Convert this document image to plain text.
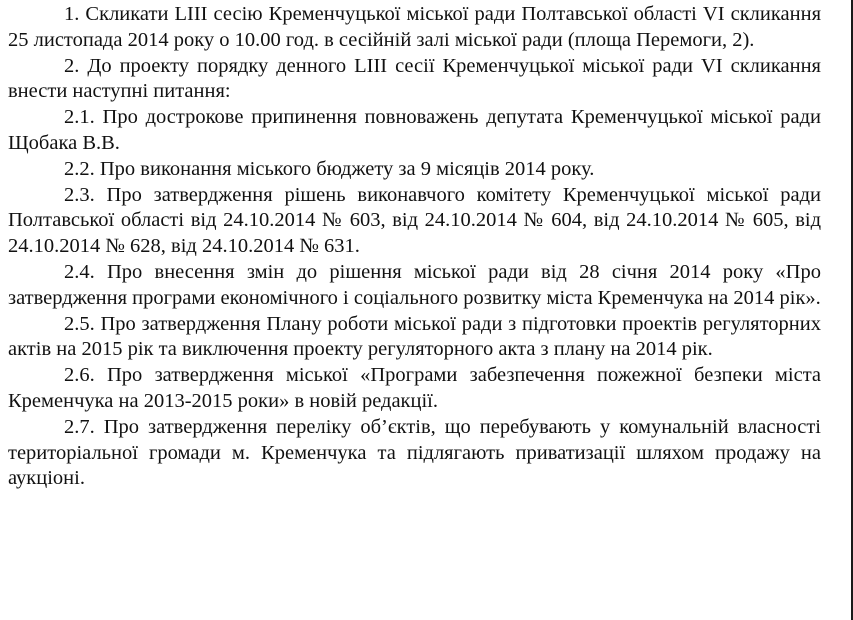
1. Скликати LIII сесію Кременчуцької міської ради Полтавської області VI скликання 25 листопада 2014 року о 10.00 год. в сесійній залі міської ради (площа Перемоги, 2).

2. До проекту порядку денного LIII сесії Кременчуцької міської ради VI скликання внести наступні питання:

2.1. Про дострокове припинення повноважень депутата Кременчуцької міської ради Щобака В.В.

2.2. Про виконання міського бюджету за 9 місяців 2014 року.

2.3. Про затвердження рішень виконавчого комітету Кременчуцької міської ради Полтавської області від 24.10.2014 № 603, від 24.10.2014 № 604, від 24.10.2014 № 605, від 24.10.2014 № 628, від 24.10.2014 № 631.

2.4. Про внесення змін до рішення міської ради від 28 січня 2014 року «Про затвердження програми економічного і соціального розвитку міста Кременчука на 2014 рік».

2.5. Про затвердження Плану роботи міської ради з підготовки проектів регуляторних актів на 2015 рік та виключення проекту регуляторного акта з плану на 2014 рік.

2.6. Про затвердження міської «Програми забезпечення пожежної безпеки міста Кременчука на 2013-2015 роки» в новій редакції.

2.7. Про затвердження переліку об’єктів, що перебувають у комунальній власності територіальної громади м. Кременчука та підлягають приватизації шляхом продажу на аукціоні.
